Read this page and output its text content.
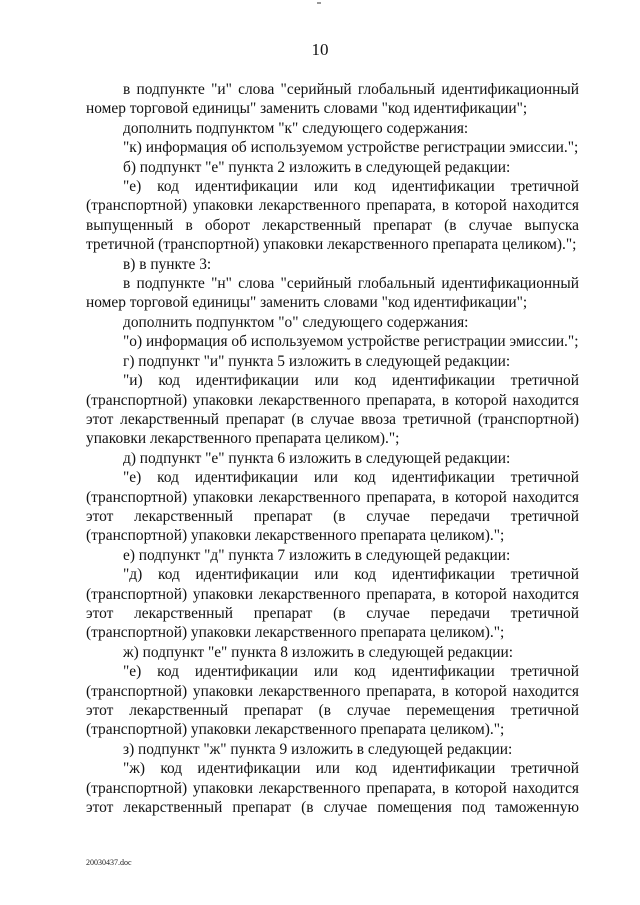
10

в подпункте "и" слова "серийный глобальный идентификационный номер торговой единицы" заменить словами "код идентификации";

дополнить подпунктом "к" следующего содержания:

"к) информация об используемом устройстве регистрации эмиссии.";

б) подпункт "е" пункта 2 изложить в следующей редакции:

"е) код идентификации или код идентификации третичной (транспортной) упаковки лекарственного препарата, в которой находится выпущенный в оборот лекарственный препарат (в случае выпуска третичной (транспортной) упаковки лекарственного препарата целиком).";

в) в пункте 3:

в подпункте "н" слова "серийный глобальный идентификационный номер торговой единицы" заменить словами "код идентификации";

дополнить подпунктом "о" следующего содержания:

"о) информация об используемом устройстве регистрации эмиссии.";

г) подпункт "и" пункта 5 изложить в следующей редакции:

"и) код идентификации или код идентификации третичной (транспортной) упаковки лекарственного препарата, в которой находится этот лекарственный препарат (в случае ввоза третичной (транспортной) упаковки лекарственного препарата целиком).";

д) подпункт "е" пункта 6 изложить в следующей редакции:

"е) код идентификации или код идентификации третичной (транспортной) упаковки лекарственного препарата, в которой находится этот лекарственный препарат (в случае передачи третичной (транспортной) упаковки лекарственного препарата целиком).";

е) подпункт "д" пункта 7 изложить в следующей редакции:

"д) код идентификации или код идентификации третичной (транспортной) упаковки лекарственного препарата, в которой находится этот лекарственный препарат (в случае передачи третичной (транспортной) упаковки лекарственного препарата целиком).";

ж) подпункт "е" пункта 8 изложить в следующей редакции:

"е) код идентификации или код идентификации третичной (транспортной) упаковки лекарственного препарата, в которой находится этот лекарственный препарат (в случае перемещения третичной (транспортной) упаковки лекарственного препарата целиком).";

з) подпункт "ж" пункта 9 изложить в следующей редакции:

"ж) код идентификации или код идентификации третичной (транспортной) упаковки лекарственного препарата, в которой находится этот лекарственный препарат (в случае помещения под таможенную

20030437.doc
